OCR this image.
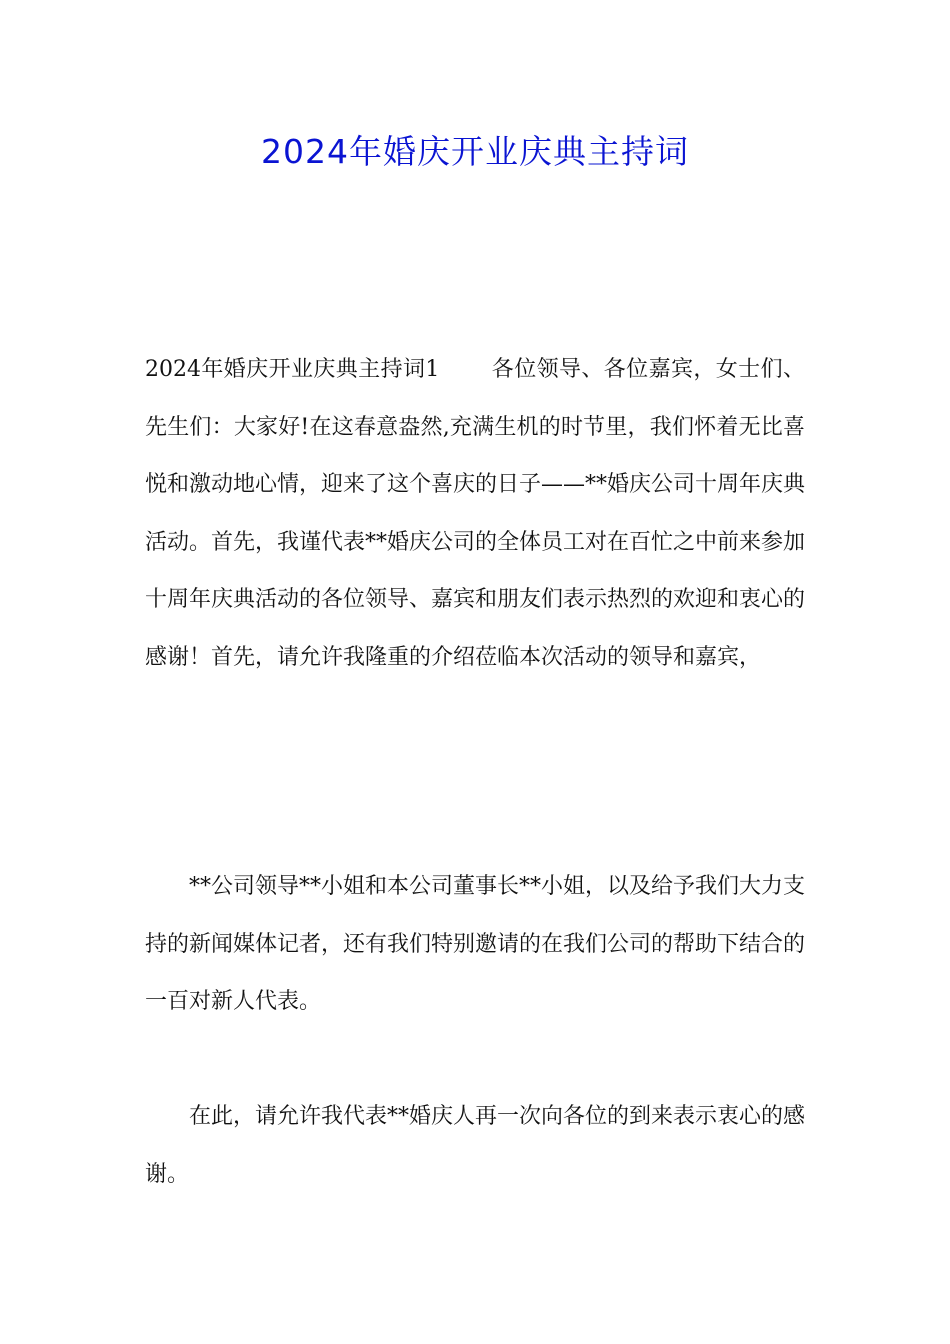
2024年婚庆开业庆典主持词

2024年婚庆开业庆典主持词1 各位领导、各位嘉宾，女士们、先生们：大家好!在这春意盎然,充满生机的时节里，我们怀着无比喜悦和激动地心情，迎来了这个喜庆的日子——**婚庆公司十周年庆典活动。首先，我谨代表**婚庆公司的全体员工对在百忙之中前来参加十周年庆典活动的各位领导、嘉宾和朋友们表示热烈的欢迎和衷心的感谢！首先，请允许我隆重的介绍莅临本次活动的领导和嘉宾，

**公司领导**小姐和本公司董事长**小姐，以及给予我们大力支持的新闻媒体记者，还有我们特别邀请的在我们公司的帮助下结合的一百对新人代表。

在此，请允许我代表**婚庆人再一次向各位的到来表示衷心的感谢。
